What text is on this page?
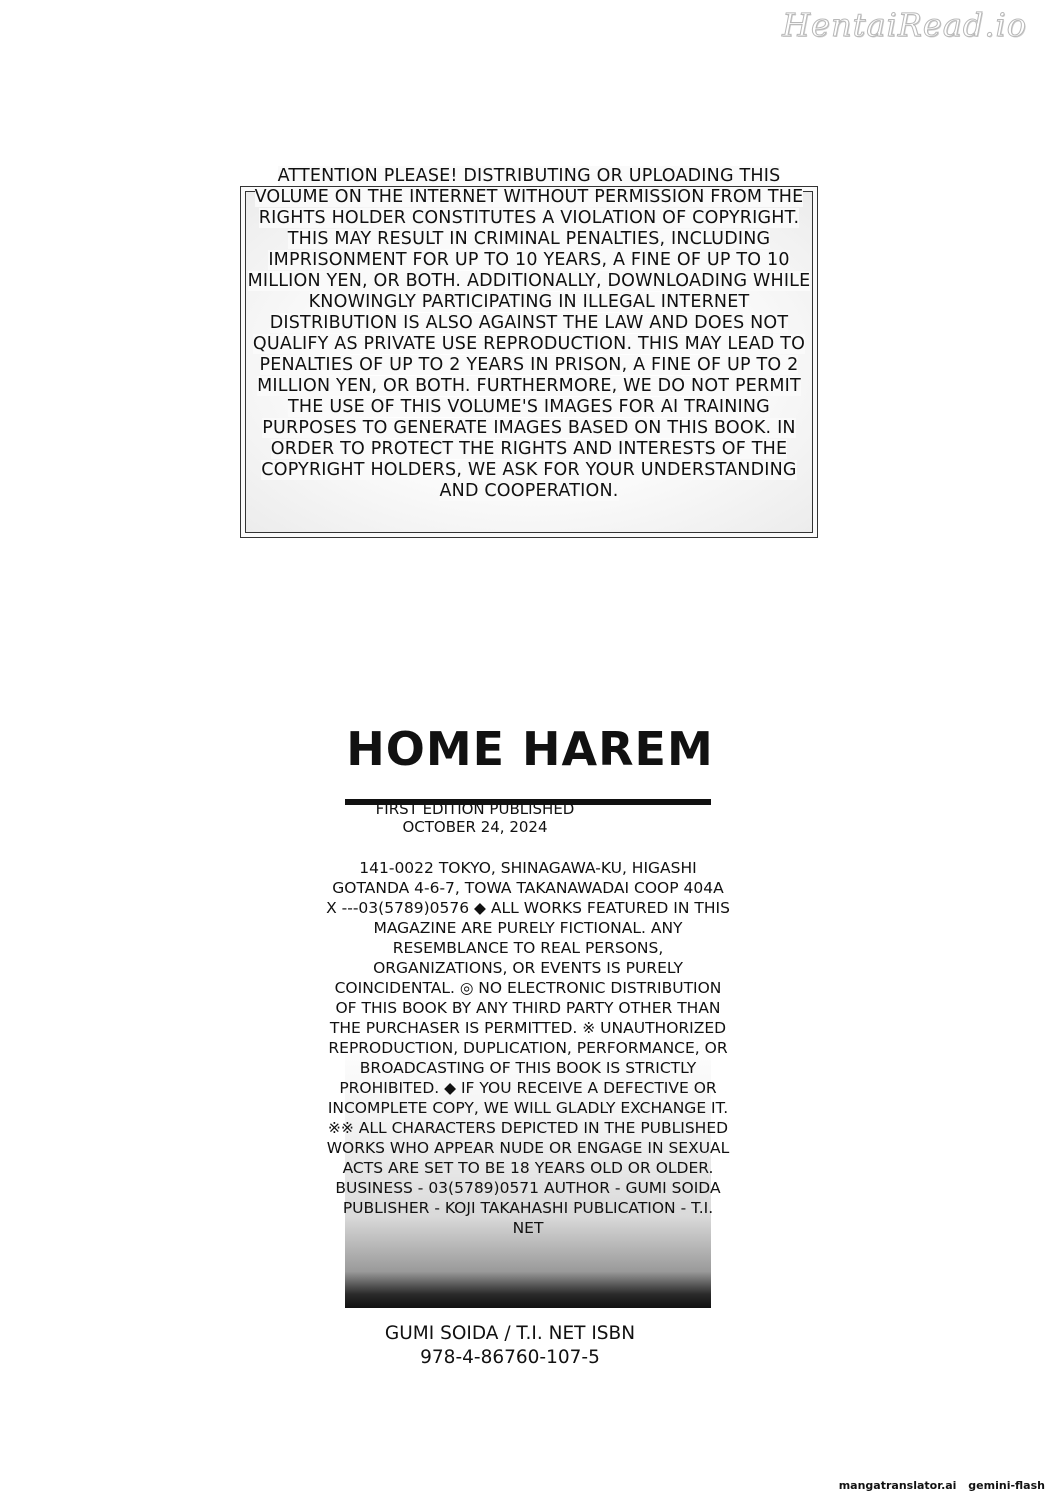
HentaiRead.io

ATTENTION PLEASE! DISTRIBUTING OR UPLOADING THIS VOLUME ON THE INTERNET WITHOUT PERMISSION FROM THE RIGHTS HOLDER CONSTITUTES A VIOLATION OF COPYRIGHT. THIS MAY RESULT IN CRIMINAL PENALTIES, INCLUDING IMPRISONMENT FOR UP TO 10 YEARS, A FINE OF UP TO 10 MILLION YEN, OR BOTH. ADDITIONALLY, DOWNLOADING WHILE KNOWINGLY PARTICIPATING IN ILLEGAL INTERNET DISTRIBUTION IS ALSO AGAINST THE LAW AND DOES NOT QUALIFY AS PRIVATE USE REPRODUCTION. THIS MAY LEAD TO PENALTIES OF UP TO 2 YEARS IN PRISON, A FINE OF UP TO 2 MILLION YEN, OR BOTH. FURTHERMORE, WE DO NOT PERMIT THE USE OF THIS VOLUME'S IMAGES FOR AI TRAINING PURPOSES TO GENERATE IMAGES BASED ON THIS BOOK. IN ORDER TO PROTECT THE RIGHTS AND INTERESTS OF THE COPYRIGHT HOLDERS, WE ASK FOR YOUR UNDERSTANDING AND COOPERATION.

HOME HAREM
FIRST EDITION PUBLISHED
OCTOBER 24, 2024

141-0022 TOKYO, SHINAGAWA-KU, HIGASHI GOTANDA 4-6-7, TOWA TAKANAWADAI COOP 404A X ---03(5789)0576 ◆ ALL WORKS FEATURED IN THIS MAGAZINE ARE PURELY FICTIONAL. ANY RESEMBLANCE TO REAL PERSONS, ORGANIZATIONS, OR EVENTS IS PURELY COINCIDENTAL. ◎ NO ELECTRONIC DISTRIBUTION OF THIS BOOK BY ANY THIRD PARTY OTHER THAN THE PURCHASER IS PERMITTED. ※ UNAUTHORIZED REPRODUCTION, DUPLICATION, PERFORMANCE, OR BROADCASTING OF THIS BOOK IS STRICTLY PROHIBITED. ◆ IF YOU RECEIVE A DEFECTIVE OR INCOMPLETE COPY, WE WILL GLADLY EXCHANGE IT. ※※ ALL CHARACTERS DEPICTED IN THE PUBLISHED WORKS WHO APPEAR NUDE OR ENGAGE IN SEXUAL ACTS ARE SET TO BE 18 YEARS OLD OR OLDER. BUSINESS - 03(5789)0571 AUTHOR - GUMI SOIDA PUBLISHER - KOJI TAKAHASHI PUBLICATION - T.I. NET

GUMI SOIDA / T.I. NET ISBN
978-4-86760-107-5
mangatranslator.ai gemini-flash
